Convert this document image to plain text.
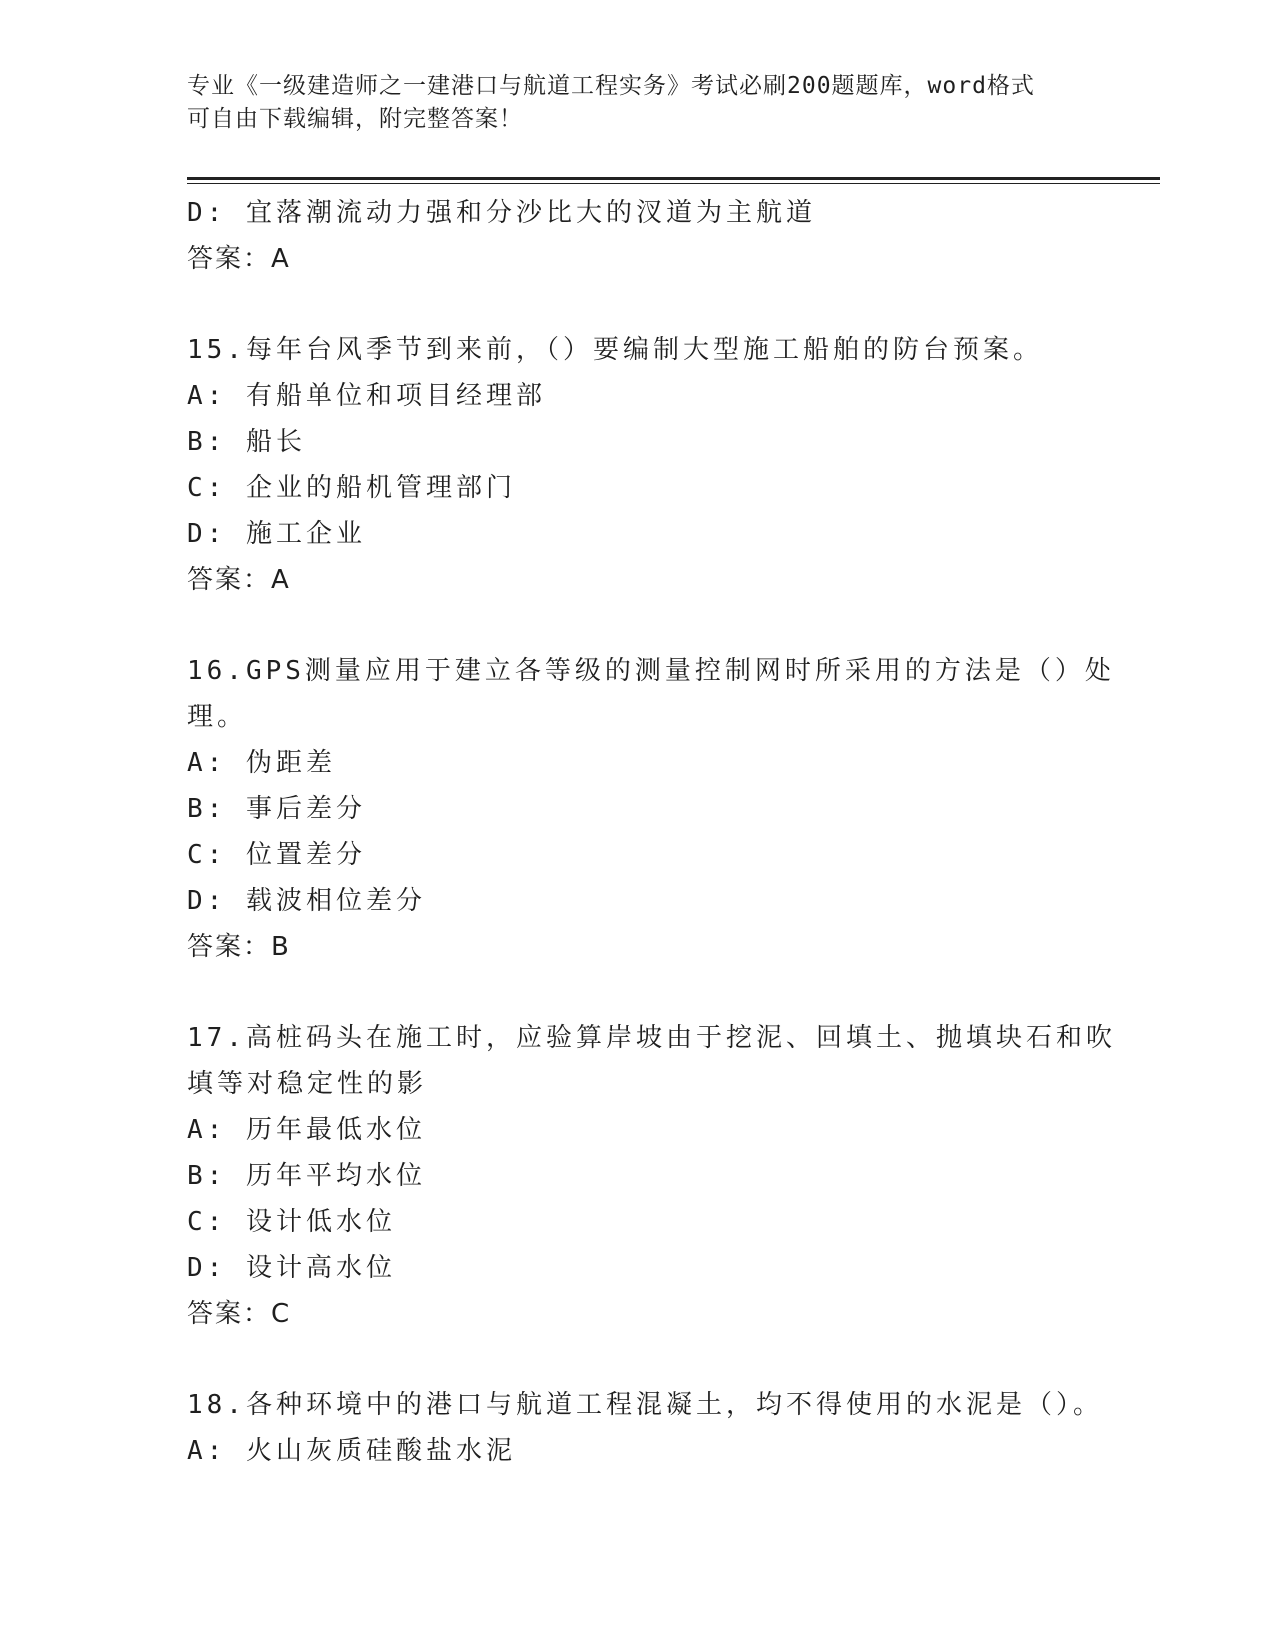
专业《一级建造师之一建港口与航道工程实务》考试必刷200题题库，word格式
可自由下载编辑，附完整答案！
D: 宜落潮流动力强和分沙比大的汊道为主航道
答案：A
15.每年台风季节到来前，（）要编制大型施工船舶的防台预案。
A: 有船单位和项目经理部
B: 船长
C: 企业的船机管理部门
D: 施工企业
答案：A
16.GPS测量应用于建立各等级的测量控制网时所采用的方法是（）处
理。
A: 伪距差
B: 事后差分
C: 位置差分
D: 载波相位差分
答案：B
17.高桩码头在施工时，应验算岸坡由于挖泥、回填土、抛填块石和吹
填等对稳定性的影
A: 历年最低水位
B: 历年平均水位
C: 设计低水位
D: 设计高水位
答案：C
18.各种环境中的港口与航道工程混凝土，均不得使用的水泥是（）。
A: 火山灰质硅酸盐水泥
